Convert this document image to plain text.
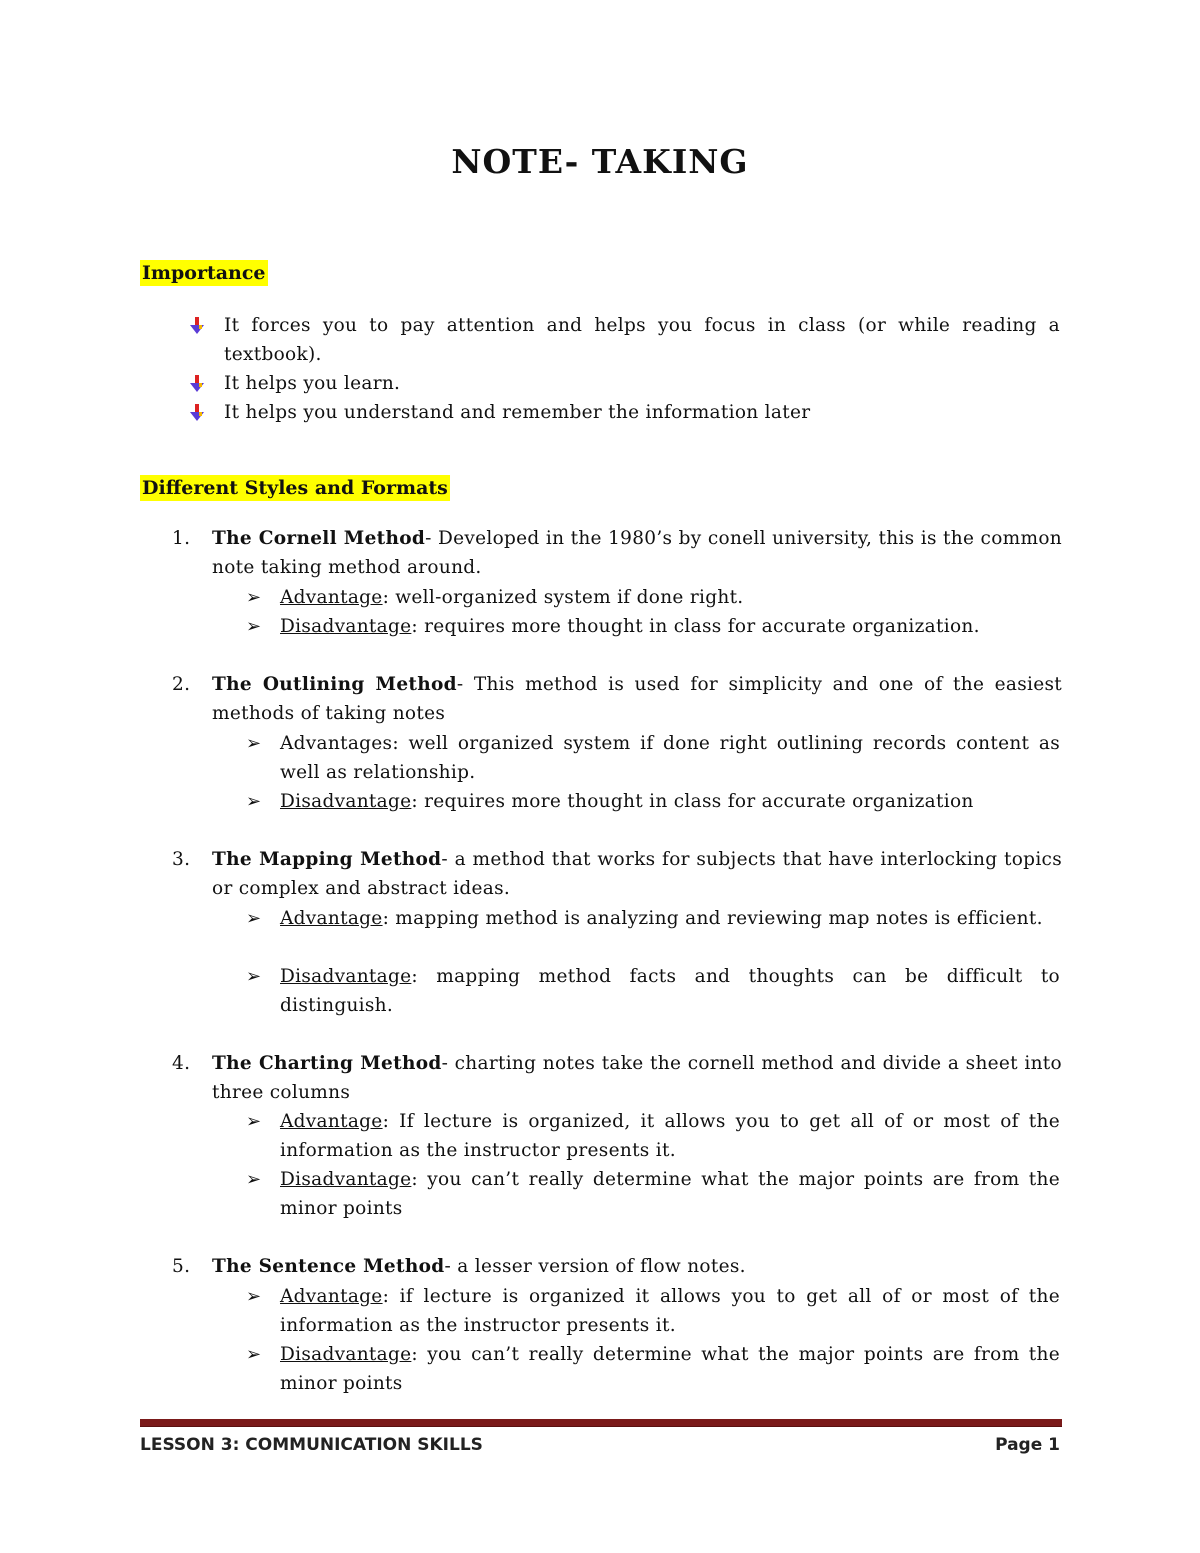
NOTE- TAKING
Importance
It forces you to pay attention and helps you focus in class (or while reading a textbook).
It helps you learn.
It helps you understand and remember the information later
Different Styles and Formats
1.	The Cornell Method- Developed in the 1980’s by conell university, this is the common note taking method around.
➢	Advantage: well-organized system if done right.
➢	Disadvantage: requires more thought in class for accurate organization.
2.	The Outlining Method- This method is used for simplicity and one of the easiest methods of taking notes
➢	Advantages: well organized system if done right outlining records content as well as relationship.
➢	Disadvantage: requires more thought in class for accurate organization
3.	The Mapping Method- a method that works for subjects that have interlocking topics or complex and abstract ideas.
➢	Advantage: mapping method is analyzing and reviewing map notes is efficient.
➢	Disadvantage: mapping method facts and thoughts can be difficult to distinguish.
4.	The Charting Method- charting notes take the cornell method and divide a sheet into three columns
➢	Advantage: If lecture is organized, it allows you to get all of or most of the information as the instructor presents it.
➢	Disadvantage: you can’t really determine what the major points are from the minor points
5.	The Sentence Method- a lesser version of flow notes.
➢	Advantage: if lecture is organized it allows you to get all of or most of the information as the instructor presents it.
➢	Disadvantage: you can’t really determine what the major points are from the minor points
LESSON 3: COMMUNICATION SKILLS	Page 1
